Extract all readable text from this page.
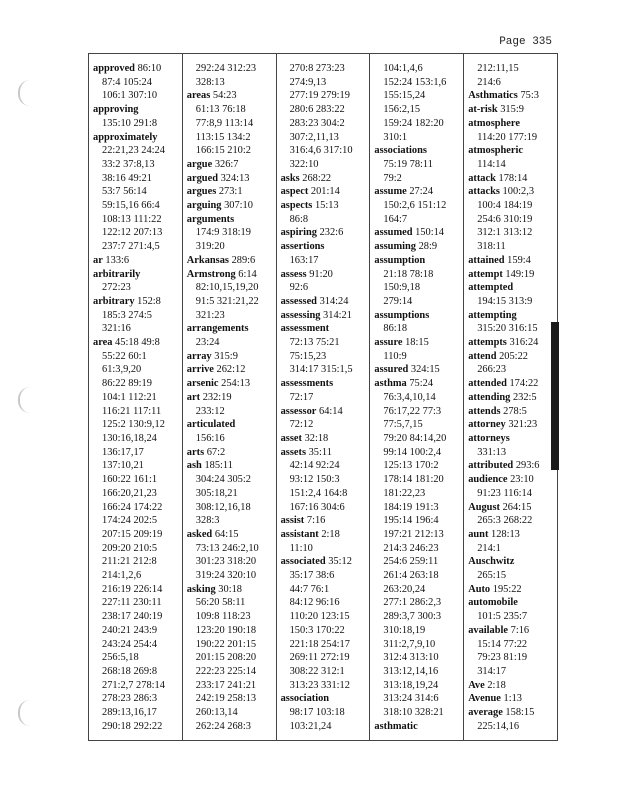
Page 335
approved 86:10
87:4 105:24
106:1 307:10
approving
135:10 291:8
approximately
22:21,23 24:24
33:2 37:8,13
38:16 49:21
53:7 56:14
59:15,16 66:4
108:13 111:22
122:12 207:13
237:7 271:4,5
ar 133:6
arbitrarily
272:23
arbitrary 152:8
185:3 274:5
321:16
area 45:18 49:8
55:22 60:1
61:3,9,20
86:22 89:19
104:1 112:21
116:21 117:11
125:2 130:9,12
130:16,18,24
136:17,17
137:10,21
160:22 161:1
166:20,21,23
166:24 174:22
174:24 202:5
207:15 209:19
209:20 210:5
211:21 212:8
214:1,2,6
216:19 226:14
227:11 230:11
238:17 240:19
240:21 243:9
243:24 254:4
256:5,18
268:18 269:8
271:2,7 278:14
278:23 286:3
289:13,16,17
290:18 292:22
292:24 312:23
328:13
areas 54:23
61:13 76:18
77:8,9 113:14
113:15 134:2
166:15 210:2
argue 326:7
argued 324:13
argues 273:1
arguing 307:10
arguments
174:9 318:19
319:20
Arkansas 289:6
Armstrong 6:14
82:10,15,19,20
91:5 321:21,22
321:23
arrangements
23:24
array 315:9
arrive 262:12
arsenic 254:13
art 232:19
233:12
articulated
156:16
arts 67:2
ash 185:11
304:24 305:2
305:18,21
308:12,16,18
328:3
asked 64:15
73:13 246:2,10
301:23 318:20
319:24 320:10
asking 30:18
56:20 58:11
109:8 118:23
123:20 190:18
190:22 201:15
201:15 208:20
222:23 225:14
233:17 241:21
242:19 258:13
260:13,14
262:24 268:3
270:8 273:23
274:9,13
277:19 279:19
280:6 283:22
283:23 304:2
307:2,11,13
316:4,6 317:10
322:10
asks 268:22
aspect 201:14
aspects 15:13
86:8
aspiring 232:6
assertions
163:17
assess 91:20
92:6
assessed 314:24
assessing 314:21
assessment
72:13 75:21
75:15,23
314:17 315:1,5
assessments
72:17
assessor 64:14
72:12
asset 32:18
assets 35:11
42:14 92:24
93:12 150:3
151:2,4 164:8
167:16 304:6
assist 7:16
assistant 2:18
11:10
associated 35:12
35:17 38:6
44:7 76:1
84:12 96:16
110:20 123:15
150:3 170:22
221:18 254:17
269:11 272:19
308:22 312:1
313:23 331:12
association
98:17 103:18
103:21,24
104:1,4,6
152:24 153:1,6
155:15,24
156:2,15
159:24 182:20
310:1
associations
75:19 78:11
79:2
assume 27:24
150:2,6 151:12
164:7
assumed 150:14
assuming 28:9
assumption
21:18 78:18
150:9,18
279:14
assumptions
86:18
assure 18:15
110:9
assured 324:15
asthma 75:24
76:3,4,10,14
76:17,22 77:3
77:5,7,15
79:20 84:14,20
99:14 100:2,4
125:13 170:2
178:14 181:20
181:22,23
184:19 191:3
195:14 196:4
197:21 212:13
214:3 246:23
254:6 259:11
261:4 263:18
263:20,24
277:1 286:2,3
289:3,7 300:3
310:18,19
311:2,7,9,10
312:4 313:10
313:12,14,16
313:18,19,24
313:24 314:6
318:10 328:21
asthmatic
212:11,15
214:6
Asthmatics 75:3
at-risk 315:9
atmosphere
114:20 177:19
atmospheric
114:14
attack 178:14
attacks 100:2,3
100:4 184:19
254:6 310:19
312:1 313:12
318:11
attained 159:4
attempt 149:19
attempted
194:15 313:9
attempting
315:20 316:15
attempts 316:24
attend 205:22
266:23
attended 174:22
attending 232:5
attends 278:5
attorney 321:23
attorneys
331:13
attributed 293:6
audience 23:10
91:23 116:14
August 264:15
265:3 268:22
aunt 128:13
214:1
Auschwitz
265:15
Auto 195:22
automobile
101:5 235:7
available 7:16
15:14 77:22
79:23 81:19
314:17
Ave 2:18
Avenue 1:13
average 158:15
225:14,16
